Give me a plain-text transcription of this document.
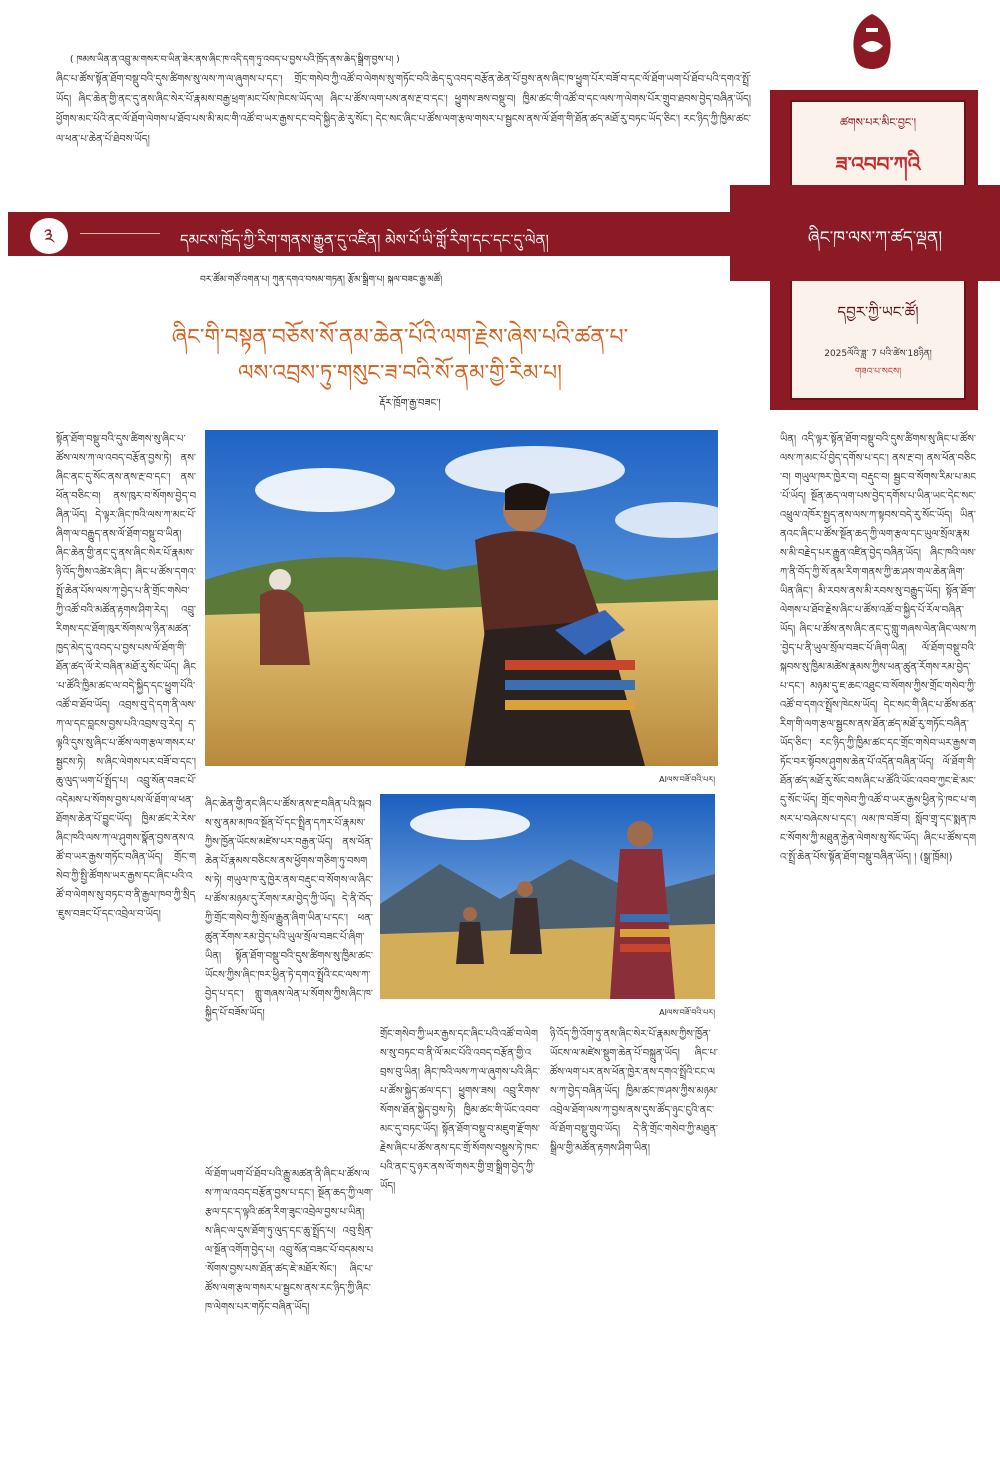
( ཁམས་ཡིན་ན་འབྲུ་མ་གསར་བ་ཡིན་ཟེར་ནས་ཞིང་ཁ་འདི་དག་ཏུ་འབད་པ་བྱས་པའི་ཁྲོད་ནས་ཆེད་སྒྲིག་བྱས་པ། )
ཞིང་པ་ཚོས་སྟོན་ཐོག་བསྡུ་བའི་དུས་ཚིགས་སུ་ལས་ཀ་ལ་ཞུགས་པ་དང་། གྲོང་གསེབ་ཀྱི་འཚོ་བ་ལེགས་སུ་གཏོང་བའི་ཆེད་དུ་འབད་བརྩོན་ཆེན་པོ་བྱས་ནས་ཞིང་ཁ་ཕྱུག་པོར་བཟོ་བ་དང་ལོ་ཐོག་ཡག་པོ་ཐོབ་པའི་དགའ་སྤྲོ་ཡོད། ཞིང་ཆེན་གྱི་ནང་དུ་ནས་ཞིང་སེར་པོ་རྣམས་བརྒྱ་ཕྲག་མང་པོས་ཁེངས་ཡོད་ལ། ཞིང་པ་ཚོས་ལག་པས་ནས་རྔ་བ་དང་། ཕྱུགས་ཟས་བསྡུ་བ། ཁྱིམ་ཚང་གི་འཚོ་བ་དང་ལས་ཀ་ལེགས་པོར་གྲུབ་ཐབས་བྱེད་བཞིན་ཡོད། ཕྱོགས་མང་པོའི་ནང་ལོ་ཐོག་ལེགས་པ་ཐོབ་པས་མི་མང་གི་འཚོ་བ་ཡར་རྒྱས་དང་བདེ་སྐྱིད་ཆེ་རུ་སོང་། དེང་སང་ཞིང་པ་ཚོས་ལག་རྩལ་གསར་པ་སྦྱངས་ནས་ལོ་ཐོག་གི་ཐོན་ཚད་མཐོ་རུ་བཏང་ཡོད་ཅིང་། རང་ཉིད་ཀྱི་ཁྱིམ་ཚང་ལ་ཕན་པ་ཆེན་པོ་ཐེབས་ཡོད།
ཚགས་པར་མིང་བྱང་།
ཟ་འབབ་ཀའི
༣	དམངས་ཁྲོད་ཀྱི་རིག་གནས་རྒྱུན་དུ་འཛིན། མེས་པོ་ཡི་གློ་རིག་དང་དང་དུ་ལེན།	ཞིང་ཁ་ལས་ཀ་ཚད་ལྡན།
དབྱར་ཀྱི་ཡང་ཚོ།
2025ལོའི་ཟླ་ 7 པའི་ཚེས་18ཉིན།
གཟའ་པ་སངས།
བར་ཚོམ་གཙོ་འགན་པ། ཀུན་དགའ་བསམ་གཏན། རྩོམ་སྒྲིག་པ། སྐལ་བཟང་རྒྱ་མཚོ།
ཞིང་གི་བསྟན་བཅོས་སོ་ནམ་ཆེན་པོའི་ལག་རྗེས་ཞེས་པའི་ཚན་པ་
ལས་འབྲས་ཏུ་གསུང་ཟ་བའི་སོ་ནམ་གྱི་རིམ་པ།
རྡོར་ཁྲོག་རྒྱ་བཟང་།
AIལས་བཟོ་བའི་པར།
AIལས་བཟོ་བའི་པར།
སྟོན་ཐོག་བསྡུ་བའི་དུས་ཚིགས་སུ་ཞིང་པ་ཚོས་ལས་ཀ་ལ་འབད་བརྩོན་བྱས་ཏེ། ནས་ཞིང་ནང་དུ་སོང་ནས་ནས་རྔ་བ་དང་། ནས་ཕོན་བཅིང་བ། ནས་ཁུར་བ་སོགས་བྱེད་བཞིན་ཡོད། དེ་ལྟར་ཞིང་ཁའི་ལས་ཀ་མང་པོ་ཞིག་ལ་བརྒྱུད་ནས་ལོ་ཐོག་བསྡུ་བ་ཡིན། ཞིང་ཆེན་གྱི་ནང་དུ་ནས་ཞིང་སེར་པོ་རྣམས་ཉི་འོད་ཀྱིས་འཚེར་ཞིང་། ཞིང་པ་ཚོས་དགའ་སྤྲོ་ཆེན་པོས་ལས་ཀ་བྱེད་པ་ནི་གྲོང་གསེབ་ཀྱི་འཚོ་བའི་མཚོན་རྟགས་ཤིག་རེད། འབྲུ་རིགས་དང་ཐོག་ཁུར་སོགས་ལ་ཉིན་མཚན་ཁྱད་མེད་དུ་འབད་པ་བྱས་པས་ལོ་ཐོག་གི་ཐོན་ཚད་ལོ་རེ་བཞིན་མཐོ་རུ་སོང་ཡོད། ཞིང་པ་ཚོའི་ཁྱིམ་ཚང་ལ་བདེ་སྐྱིད་དང་ཕྱུག་པོའི་འཚོ་བ་ཐོབ་ཡོད། འབྲས་བུ་དེ་དག་ནི་ལས་ཀ་ལ་དང་བླངས་བྱས་པའི་འབྲས་བུ་རེད། ད་ལྟའི་དུས་སུ་ཞིང་པ་ཚོས་ལག་རྩལ་གསར་པ་སྦྱངས་ཏེ། ས་ཞིང་ལེགས་པར་བཟོ་བ་དང་། ཆུ་ལུད་ཡག་པོ་སྤྲོད་པ། འབྲུ་སོན་བཟང་པོ་འདེམས་པ་སོགས་བྱས་པས་ལོ་ཐོག་ལ་ཕན་ཐོགས་ཆེན་པོ་བྱུང་ཡོད། ཁྱིམ་ཚང་རེ་རེས་ཞིང་ཁའི་ལས་ཀ་ལ་ཤུགས་སྣོན་བྱས་ནས་འཚོ་བ་ཡར་རྒྱས་གཏོང་བཞིན་ཡོད། གྲོང་གསེབ་ཀྱི་སྤྱི་ཚོགས་ཡར་རྒྱས་དང་ཞིང་པའི་འཚོ་བ་ལེགས་སུ་བཏང་བ་ནི་རྒྱལ་ཁབ་ཀྱི་སྲིད་ཇུས་བཟང་པོ་དང་འབྲེལ་བ་ཡོད།
ཞིང་ཆེན་གྱི་ནང་ཞིང་པ་ཚོས་ནས་རྔ་བཞིན་པའི་སྐབས་སུ་ནམ་མཁའ་སྔོན་པོ་དང་སྤྲིན་དཀར་པོ་རྣམས་ཀྱིས་ཁྱོན་ཡོངས་མཛེས་པར་བརྒྱན་ཡོད། ནས་ཕོན་ཆེན་པོ་རྣམས་བཅིངས་ནས་ཕྱོགས་གཅིག་ཏུ་བསགས་ཏེ། གཡུལ་ཁ་རུ་ཁྱེར་ནས་བརྡུང་བ་སོགས་ལ་ཞིང་པ་ཚོས་མཉམ་དུ་རོགས་རམ་བྱེད་ཀྱི་ཡོད། དེ་ནི་བོད་ཀྱི་གྲོང་གསེབ་ཀྱི་སྲོལ་རྒྱུན་ཞིག་ཡིན་པ་དང་། ཕན་ཚུན་རོགས་རམ་བྱེད་པའི་ཡུལ་སྲོལ་བཟང་པོ་ཞིག་ཡིན། སྟོན་ཐོག་བསྡུ་བའི་དུས་ཚིགས་སུ་ཁྱིམ་ཚང་ཡོངས་ཀྱིས་ཞིང་ཁར་ཕྱིན་ཏེ་དགའ་སྤྲོའི་ངང་ལས་ཀ་བྱེད་པ་དང་། གླུ་གཞས་ལེན་པ་སོགས་ཀྱིས་ཞིང་ཁ་སྐྱིད་པོ་བཟོས་ཡོད།
ལོ་ཐོག་ཡག་པོ་ཐོབ་པའི་རྒྱུ་མཚན་ནི་ཞིང་པ་ཚོས་ལས་ཀ་ལ་འབད་བརྩོན་བྱས་པ་དང་། སྔོན་ཆད་ཀྱི་ལག་རྩལ་དང་ད་ལྟའི་ཚན་རིག་ཟུང་འབྲེལ་བྱས་པ་ཡིན། ས་ཞིང་ལ་དུས་ཐོག་ཏུ་ལུད་དང་ཆུ་སྤྲོད་པ། འབུ་སྲིན་ལ་སྔོན་འགོག་བྱེད་པ། འབྲུ་སོན་བཟང་པོ་བདམས་པ་སོགས་བྱས་པས་ཐོན་ཚད་ཇེ་མཐོར་སོང་། ཞིང་པ་ཚོས་ལག་རྩལ་གསར་པ་སྦྱངས་ནས་རང་ཉིད་ཀྱི་ཞིང་ཁ་ལེགས་པར་གཏོང་བཞིན་ཡོད།
གྲོང་གསེབ་ཀྱི་ཡར་རྒྱས་དང་ཞིང་པའི་འཚོ་བ་ལེགས་སུ་བཏང་བ་ནི་ལོ་མང་པོའི་འབད་བརྩོན་གྱི་འབྲས་བུ་ཡིན། ཞིང་ཁའི་ལས་ཀ་ལ་ཞུགས་པའི་ཞིང་པ་ཚོས་སྐྱེད་ཚལ་དང་། ཕྱུགས་ཟས། འབྲུ་རིགས་སོགས་ཐོན་སྐྱེད་བྱས་ཏེ། ཁྱིམ་ཚང་གི་ཡོང་འབབ་མང་དུ་བཏང་ཡོད། སྟོན་ཐོག་བསྡུ་བ་མཇུག་རྫོགས་རྗེས་ཞིང་པ་ཚོས་ནས་དང་གྲོ་སོགས་བསྡུས་ཏེ་ཁང་པའི་ནང་དུ་ཉར་ནས་ལོ་གསར་གྱི་གྲ་སྒྲིག་བྱེད་ཀྱི་ཡོད།
ཉི་འོད་ཀྱི་འོག་ཏུ་ནས་ཞིང་སེར་པོ་རྣམས་ཀྱིས་ཁྱོན་ཡོངས་ལ་མཛེས་སྡུག་ཆེན་པོ་བསྐྲུན་ཡོད། ཞིང་པ་ཚོས་ལག་པར་ནས་ཕོན་ཁྱེར་ནས་དགའ་སྤྲོའི་ངང་ལས་ཀ་བྱེད་བཞིན་ཡོད། ཁྱིམ་ཚང་ཁ་ཤས་ཀྱིས་མཉམ་འབྲེལ་ཐོག་ལས་ཀ་བྱས་ནས་དུས་ཚོད་ཉུང་ངུའི་ནང་ལོ་ཐོག་བསྡུ་གྲུབ་ཡོད། དེ་ནི་གྲོང་གསེབ་ཀྱི་མཐུན་སྒྲིལ་གྱི་མཚོན་རྟགས་ཤིག་ཡིན།
ཡིན། འདི་ལྟར་སྟོན་ཐོག་བསྡུ་བའི་དུས་ཚིགས་སུ་ཞིང་པ་ཚོས་ལས་ཀ་མང་པོ་བྱེད་དགོས་པ་དང་། ནས་རྔ་བ། ནས་ཕོན་བཅིང་བ། གཡུལ་ཁར་ཁྱེར་བ། བརྡུང་བ། སྦྱང་བ་སོགས་རིམ་པ་མང་པོ་ཡོད། སྔོན་ཆད་ལག་པས་བྱེད་དགོས་པ་ཡིན་ཡང་དེང་སང་འཕྲུལ་འཁོར་སྤྱད་ནས་ལས་ཀ་སྟབས་བདེ་རུ་སོང་ཡོད། ཡིན་ནའང་ཞིང་པ་ཚོས་སྔོན་ཆད་ཀྱི་ལག་རྩལ་དང་ཡུལ་སྲོལ་རྣམས་མི་བརྗེད་པར་རྒྱུན་འཛིན་བྱེད་བཞིན་ཡོད། ཞིང་ཁའི་ལས་ཀ་ནི་བོད་ཀྱི་སོ་ནམ་རིག་གནས་ཀྱི་ཆ་ཤས་གལ་ཆེན་ཞིག་ཡིན་ཞིང་། མི་རབས་ནས་མི་རབས་སུ་བརྒྱུད་ཡོད། སྟོན་ཐོག་ལེགས་པ་ཐོབ་རྗེས་ཞིང་པ་ཚོས་འཚོ་བ་སྐྱིད་པོ་རོལ་བཞིན་ཡོད། ཞིང་པ་ཚོས་ནས་ཞིང་ནང་དུ་གླུ་གཞས་ལེན་ཞིང་ལས་ཀ་བྱེད་པ་ནི་ཡུལ་སྲོལ་བཟང་པོ་ཞིག་ཡིན། ལོ་ཐོག་བསྡུ་བའི་སྐབས་སུ་ཁྱིམ་མཚེས་རྣམས་ཀྱིས་ཕན་ཚུན་རོགས་རམ་བྱེད་པ་དང་། མཉམ་དུ་ཇ་ཆང་འཐུང་བ་སོགས་ཀྱིས་གྲོང་གསེབ་ཀྱི་འཚོ་བ་དགའ་སྤྲོས་ཁེངས་ཡོད། དེང་སང་གི་ཞིང་པ་ཚོས་ཚན་རིག་གི་ལག་རྩལ་སྦྱངས་ནས་ཐོན་ཚད་མཐོ་རུ་གཏོང་བཞིན་ཡོད་ཅིང་། རང་ཉིད་ཀྱི་ཁྱིམ་ཚང་དང་གྲོང་གསེབ་ཡར་རྒྱས་གཏོང་བར་སྟོབས་ཤུགས་ཆེན་པོ་འདོན་བཞིན་ཡོད། ལོ་ཐོག་གི་ཐོན་ཚད་མཐོ་རུ་སོང་བས་ཞིང་པ་ཚོའི་ཡོང་འབབ་ཀྱང་ཇེ་མང་དུ་སོང་ཡོད། གྲོང་གསེབ་ཀྱི་འཚོ་བ་ཡར་རྒྱས་ཕྱིན་ཏེ་ཁང་པ་གསར་པ་བཞེངས་པ་དང་། ལམ་ཁ་བཟོ་བ། སློབ་གྲྭ་དང་སྨན་ཁང་སོགས་ཀྱི་མཐུན་རྐྱེན་ལེགས་སུ་སོང་ཡོད། ཞིང་པ་ཚོས་དགའ་སྤྲོ་ཆེན་པོས་སྟོན་ཐོག་བསྡུ་བཞིན་ཡོད། ། (སྒྲ་ཁྲོམ།)
